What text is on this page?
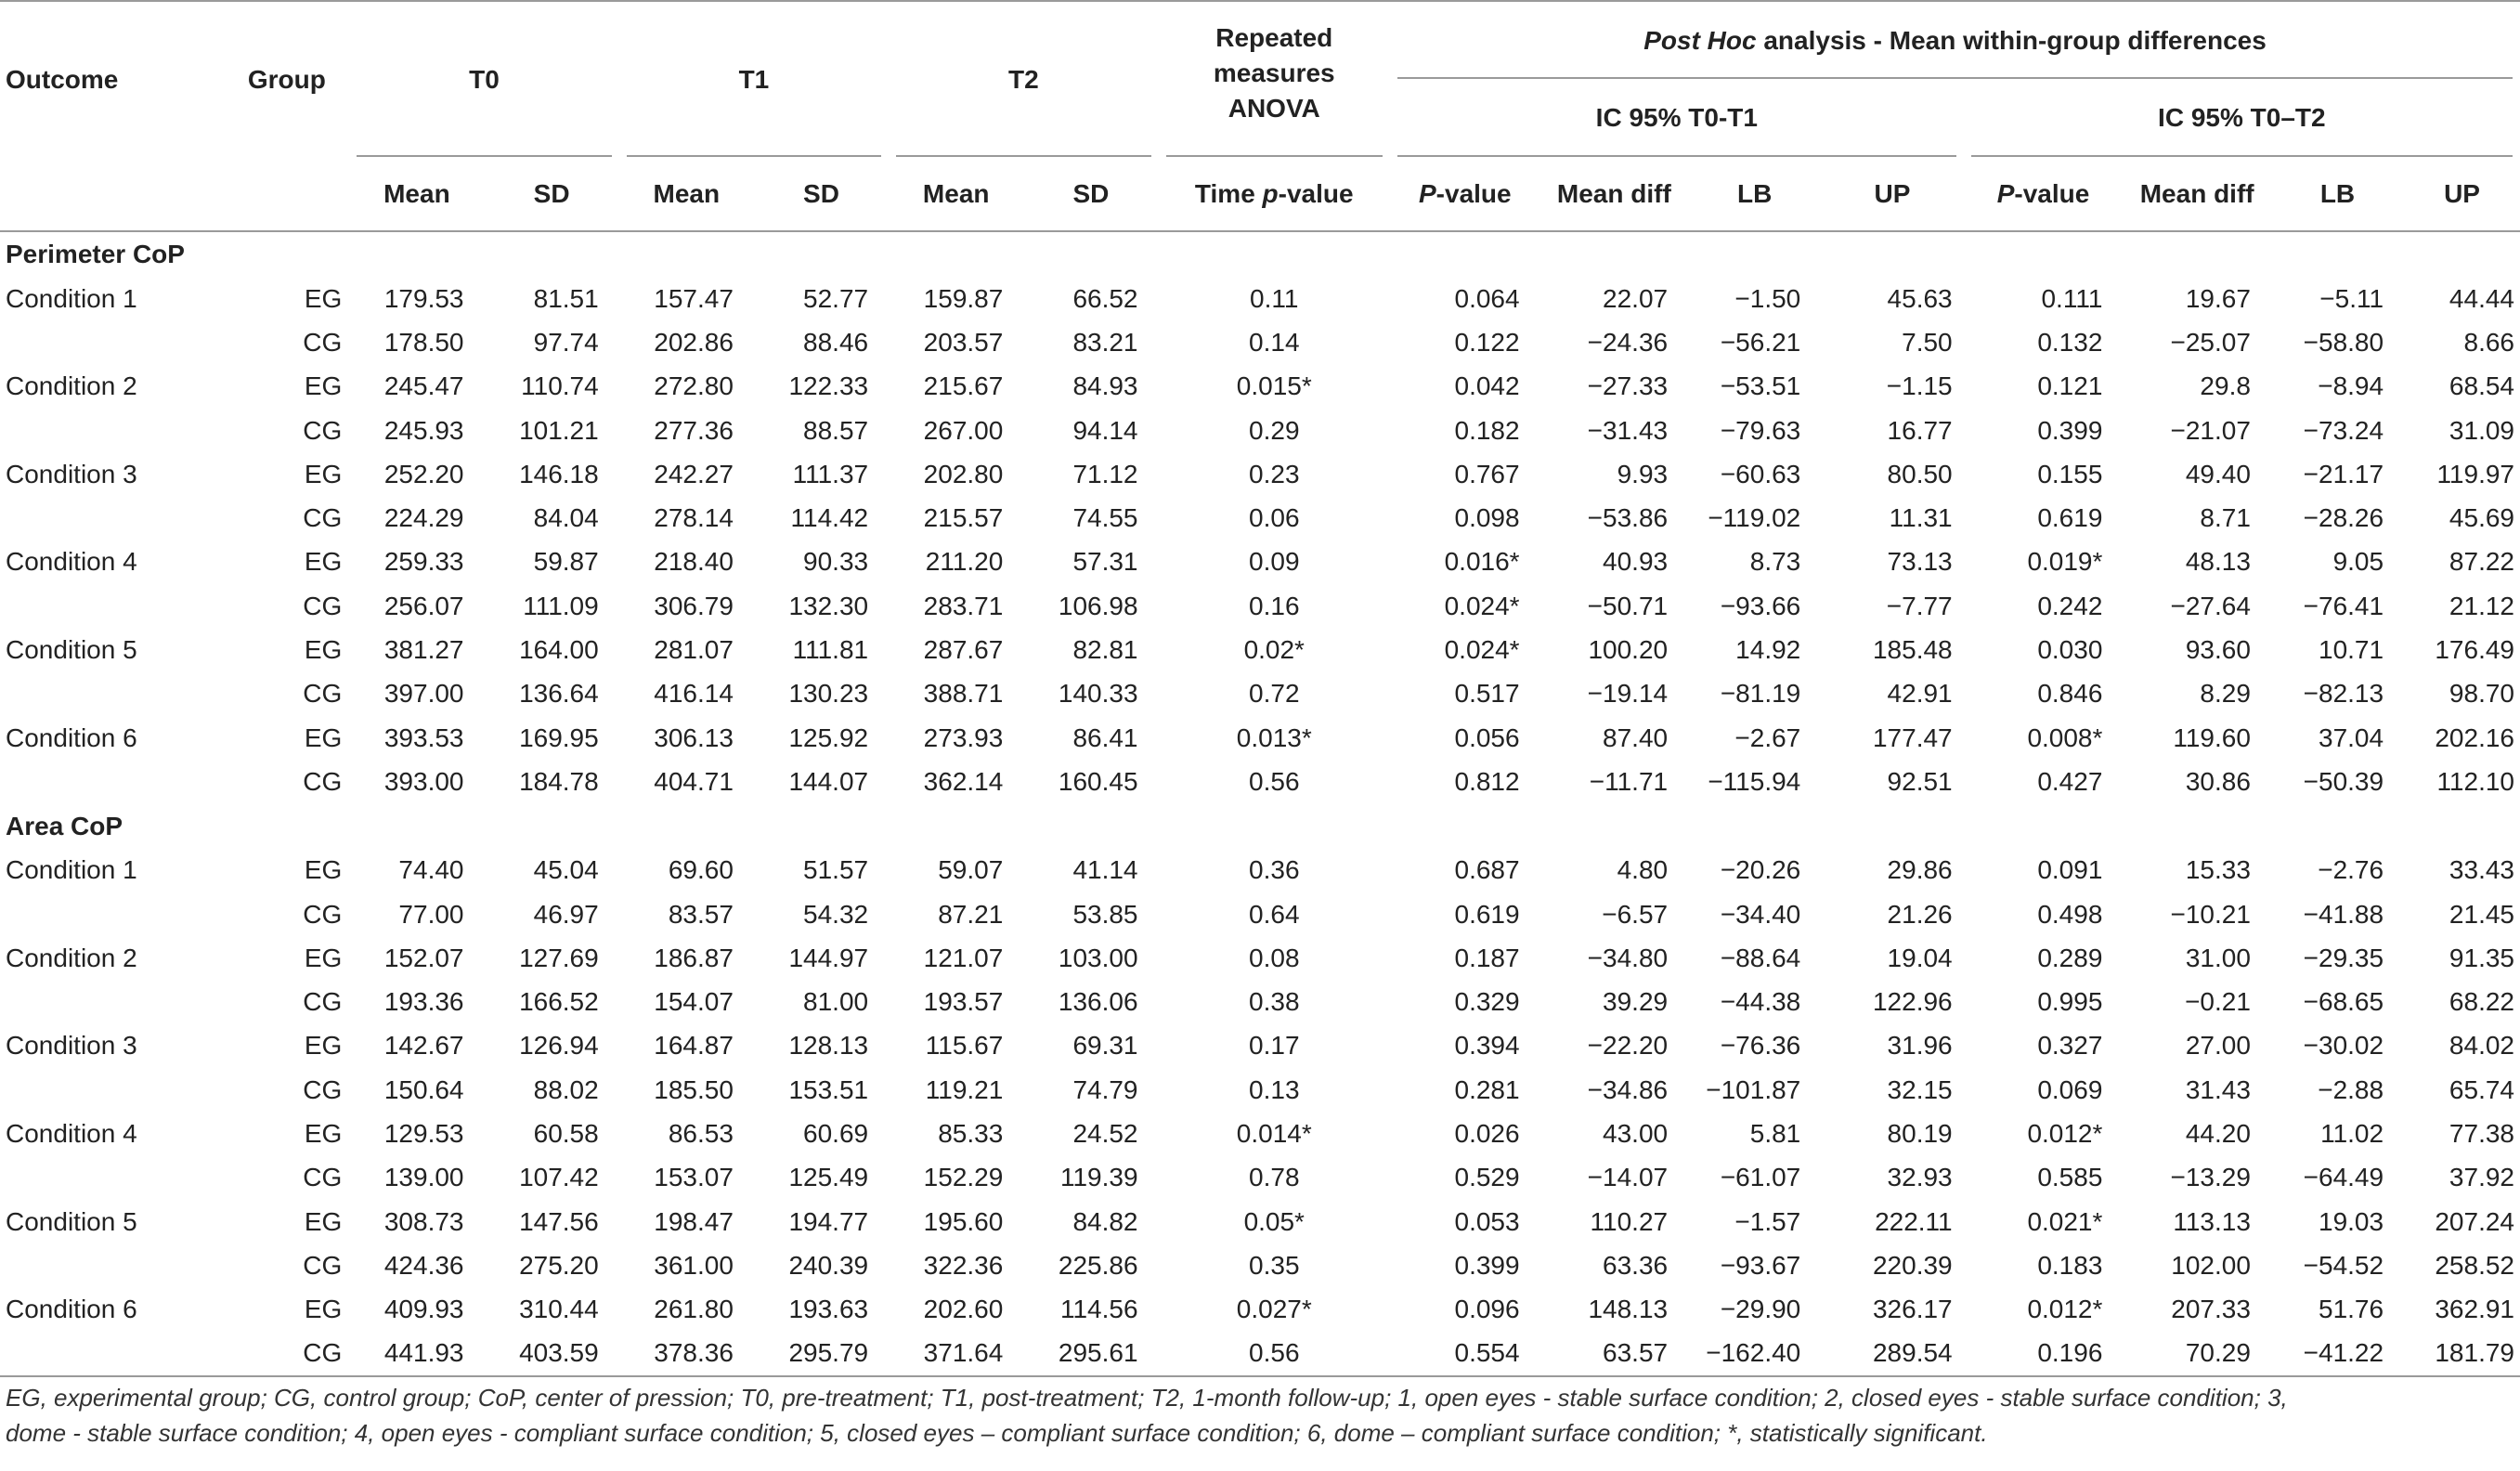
Outcome	Group	T0		T1		T2		Repeated
measures
ANOVA	Post Hoc analysis - Mean within-group differences							
									IC 95% T0-T1				IC 95% T0–T2			
		Mean	SD	Mean	SD	Mean	SD	Time p-value	P-value	Mean diff	LB	UP	P-value	Mean diff	LB	UP
Perimeter CoP																
Condition 1	EG	179.53	81.51	157.47	52.77	159.87	66.52	0.11	0.064	22.07	−1.50	45.63	0.111	19.67	−5.11	44.44
	CG	178.50	97.74	202.86	88.46	203.57	83.21	0.14	0.122	−24.36	−56.21	7.50	0.132	−25.07	−58.80	8.66
Condition 2	EG	245.47	110.74	272.80	122.33	215.67	84.93	0.015*	0.042	−27.33	−53.51	−1.15	0.121	29.8	−8.94	68.54
	CG	245.93	101.21	277.36	88.57	267.00	94.14	0.29	0.182	−31.43	−79.63	16.77	0.399	−21.07	−73.24	31.09
Condition 3	EG	252.20	146.18	242.27	111.37	202.80	71.12	0.23	0.767	9.93	−60.63	80.50	0.155	49.40	−21.17	119.97
	CG	224.29	84.04	278.14	114.42	215.57	74.55	0.06	0.098	−53.86	−119.02	11.31	0.619	8.71	−28.26	45.69
Condition 4	EG	259.33	59.87	218.40	90.33	211.20	57.31	0.09	0.016*	40.93	8.73	73.13	0.019*	48.13	9.05	87.22
	CG	256.07	111.09	306.79	132.30	283.71	106.98	0.16	0.024*	−50.71	−93.66	−7.77	0.242	−27.64	−76.41	21.12
Condition 5	EG	381.27	164.00	281.07	111.81	287.67	82.81	0.02*	0.024*	100.20	14.92	185.48	0.030	93.60	10.71	176.49
	CG	397.00	136.64	416.14	130.23	388.71	140.33	0.72	0.517	−19.14	−81.19	42.91	0.846	8.29	−82.13	98.70
Condition 6	EG	393.53	169.95	306.13	125.92	273.93	86.41	0.013*	0.056	87.40	−2.67	177.47	0.008*	119.60	37.04	202.16
	CG	393.00	184.78	404.71	144.07	362.14	160.45	0.56	0.812	−11.71	−115.94	92.51	0.427	30.86	−50.39	112.10
Area CoP																
Condition 1	EG	74.40	45.04	69.60	51.57	59.07	41.14	0.36	0.687	4.80	−20.26	29.86	0.091	15.33	−2.76	33.43
	CG	77.00	46.97	83.57	54.32	87.21	53.85	0.64	0.619	−6.57	−34.40	21.26	0.498	−10.21	−41.88	21.45
Condition 2	EG	152.07	127.69	186.87	144.97	121.07	103.00	0.08	0.187	−34.80	−88.64	19.04	0.289	31.00	−29.35	91.35
	CG	193.36	166.52	154.07	81.00	193.57	136.06	0.38	0.329	39.29	−44.38	122.96	0.995	−0.21	−68.65	68.22
Condition 3	EG	142.67	126.94	164.87	128.13	115.67	69.31	0.17	0.394	−22.20	−76.36	31.96	0.327	27.00	−30.02	84.02
	CG	150.64	88.02	185.50	153.51	119.21	74.79	0.13	0.281	−34.86	−101.87	32.15	0.069	31.43	−2.88	65.74
Condition 4	EG	129.53	60.58	86.53	60.69	85.33	24.52	0.014*	0.026	43.00	5.81	80.19	0.012*	44.20	11.02	77.38
	CG	139.00	107.42	153.07	125.49	152.29	119.39	0.78	0.529	−14.07	−61.07	32.93	0.585	−13.29	−64.49	37.92
Condition 5	EG	308.73	147.56	198.47	194.77	195.60	84.82	0.05*	0.053	110.27	−1.57	222.11	0.021*	113.13	19.03	207.24
	CG	424.36	275.20	361.00	240.39	322.36	225.86	0.35	0.399	63.36	−93.67	220.39	0.183	102.00	−54.52	258.52
Condition 6	EG	409.93	310.44	261.80	193.63	202.60	114.56	0.027*	0.096	148.13	−29.90	326.17	0.012*	207.33	51.76	362.91
	CG	441.93	403.59	378.36	295.79	371.64	295.61	0.56	0.554	63.57	−162.40	289.54	0.196	70.29	−41.22	181.79
EG, experimental group; CG, control group; CoP, center of pression; T0, pre-treatment; T1, post-treatment; T2, 1-month follow-up; 1, open eyes - stable surface condition; 2, closed eyes - stable surface condition; 3,
dome - stable surface condition; 4, open eyes - compliant surface condition; 5, closed eyes – compliant surface condition; 6, dome – compliant surface condition; *, statistically significant.
